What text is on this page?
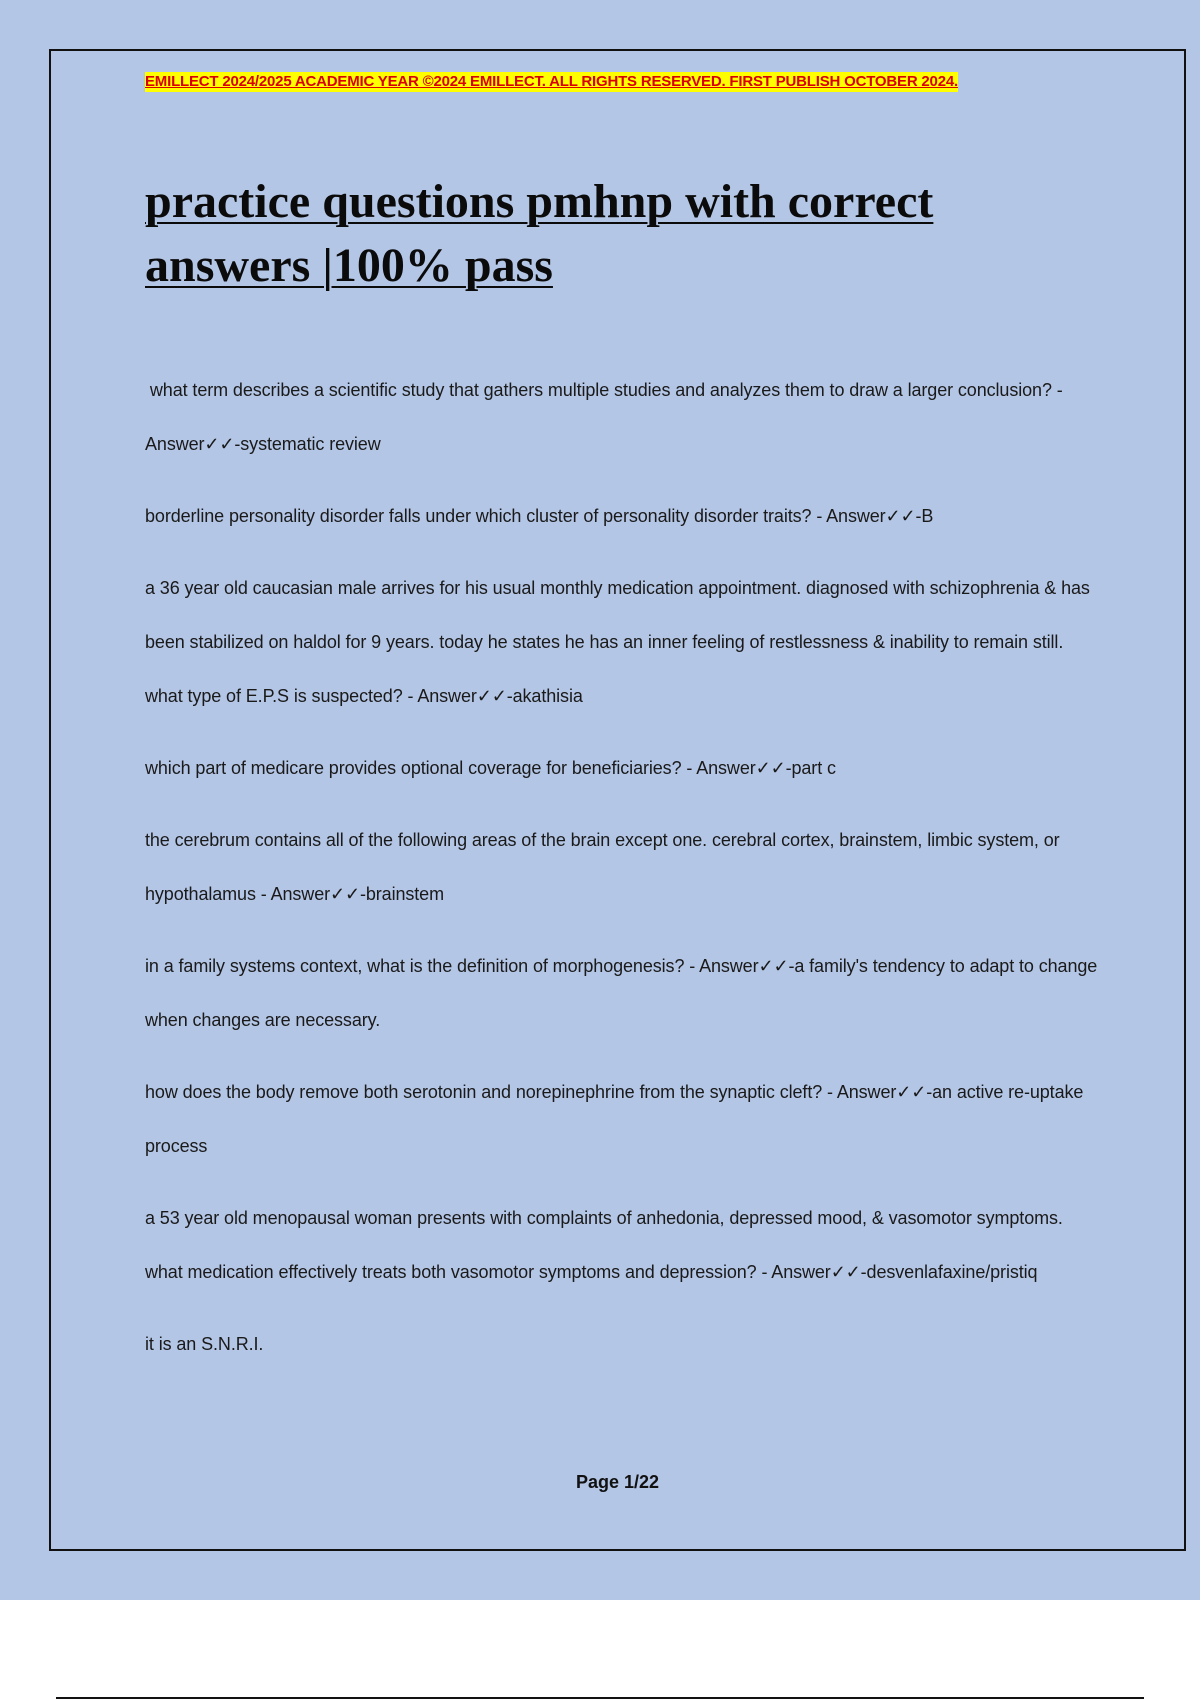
EMILLECT 2024/2025 ACADEMIC YEAR ©2024 EMILLECT. ALL RIGHTS RESERVED. FIRST PUBLISH OCTOBER 2024.

practice questions pmhnp with correct
answers |100% pass
what term describes a scientific study that gathers multiple studies and analyzes them to draw a larger conclusion? - Answer✓✓-systematic review
borderline personality disorder falls under which cluster of personality disorder traits? - Answer✓✓-B
a 36 year old caucasian male arrives for his usual monthly medication appointment. diagnosed with schizophrenia & has been stabilized on haldol for 9 years. today he states he has an inner feeling of restlessness & inability to remain still. what type of E.P.S is suspected? - Answer✓✓-akathisia
which part of medicare provides optional coverage for beneficiaries? - Answer✓✓-part c
the cerebrum contains all of the following areas of the brain except one. cerebral cortex, brainstem, limbic system, or hypothalamus - Answer✓✓-brainstem
in a family systems context, what is the definition of morphogenesis? - Answer✓✓-a family's tendency to adapt to change when changes are necessary.
how does the body remove both serotonin and norepinephrine from the synaptic cleft? - Answer✓✓-an active re-uptake process
a 53 year old menopausal woman presents with complaints of anhedonia, depressed mood, & vasomotor symptoms. what medication effectively treats both vasomotor symptoms and depression? - Answer✓✓-desvenlafaxine/pristiq
it is an S.N.R.I.
Page 1/22
